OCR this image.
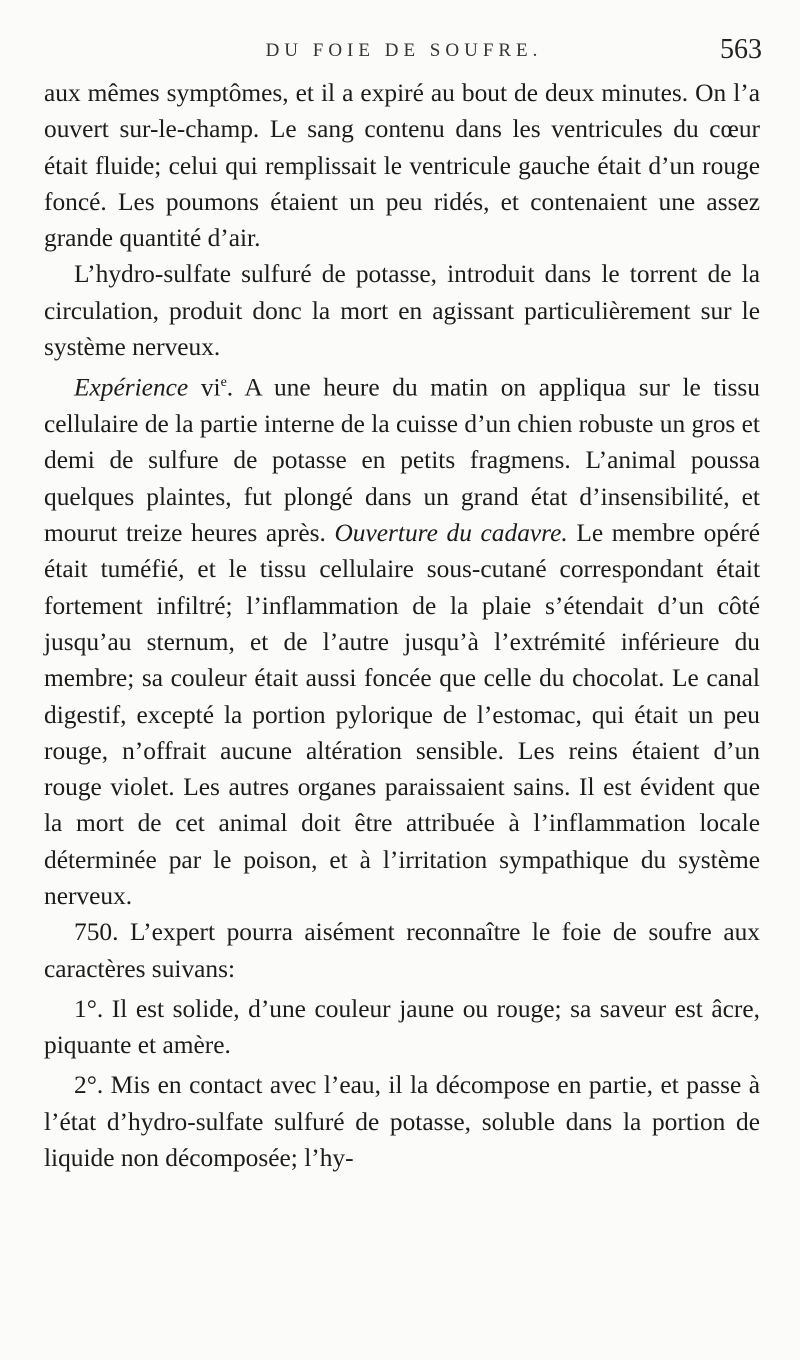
DU FOIE DE SOUFRE.	563

aux mêmes symptômes, et il a expiré au bout de deux minutes. On l’a ouvert sur-le-champ. Le sang contenu dans les ventricules du cœur était fluide; celui qui remplissait le ventricule gauche était d’un rouge foncé. Les poumons étaient un peu ridés, et contenaient une assez grande quantité d’air.

L’hydro-sulfate sulfuré de potasse, introduit dans le torrent de la circulation, produit donc la mort en agissant particulièrement sur le système nerveux.

Expérience $vi^e$. A une heure du matin on appliqua sur le tissu cellulaire de la partie interne de la cuisse d’un chien robuste un gros et demi de sulfure de potasse en petits fragmens. L’animal poussa quelques plaintes, fut plongé dans un grand état d’insensibilité, et mourut treize heures après. Ouverture du cadavre. Le membre opéré était tuméfié, et le tissu cellulaire sous-cutané correspondant était fortement infiltré; l’inflammation de la plaie s’étendait d’un côté jusqu’au sternum, et de l’autre jusqu’à l’extrémité inférieure du membre; sa couleur était aussi foncée que celle du chocolat. Le canal digestif, excepté la portion pylorique de l’estomac, qui était un peu rouge, n’offrait aucune altération sensible. Les reins étaient d’un rouge violet. Les autres organes paraissaient sains. Il est évident que la mort de cet animal doit être attribuée à l’inflammation locale déterminée par le poison, et à l’irritation sympathique du système nerveux.

750. L’expert pourra aisément reconnaître le foie de soufre aux caractères suivans:

1°. Il est solide, d’une couleur jaune ou rouge; sa saveur est âcre, piquante et amère.

2°. Mis en contact avec l’eau, il la décompose en partie, et passe à l’état d’hydro-sulfate sulfuré de potasse, soluble dans la portion de liquide non décomposée; l’hy-
